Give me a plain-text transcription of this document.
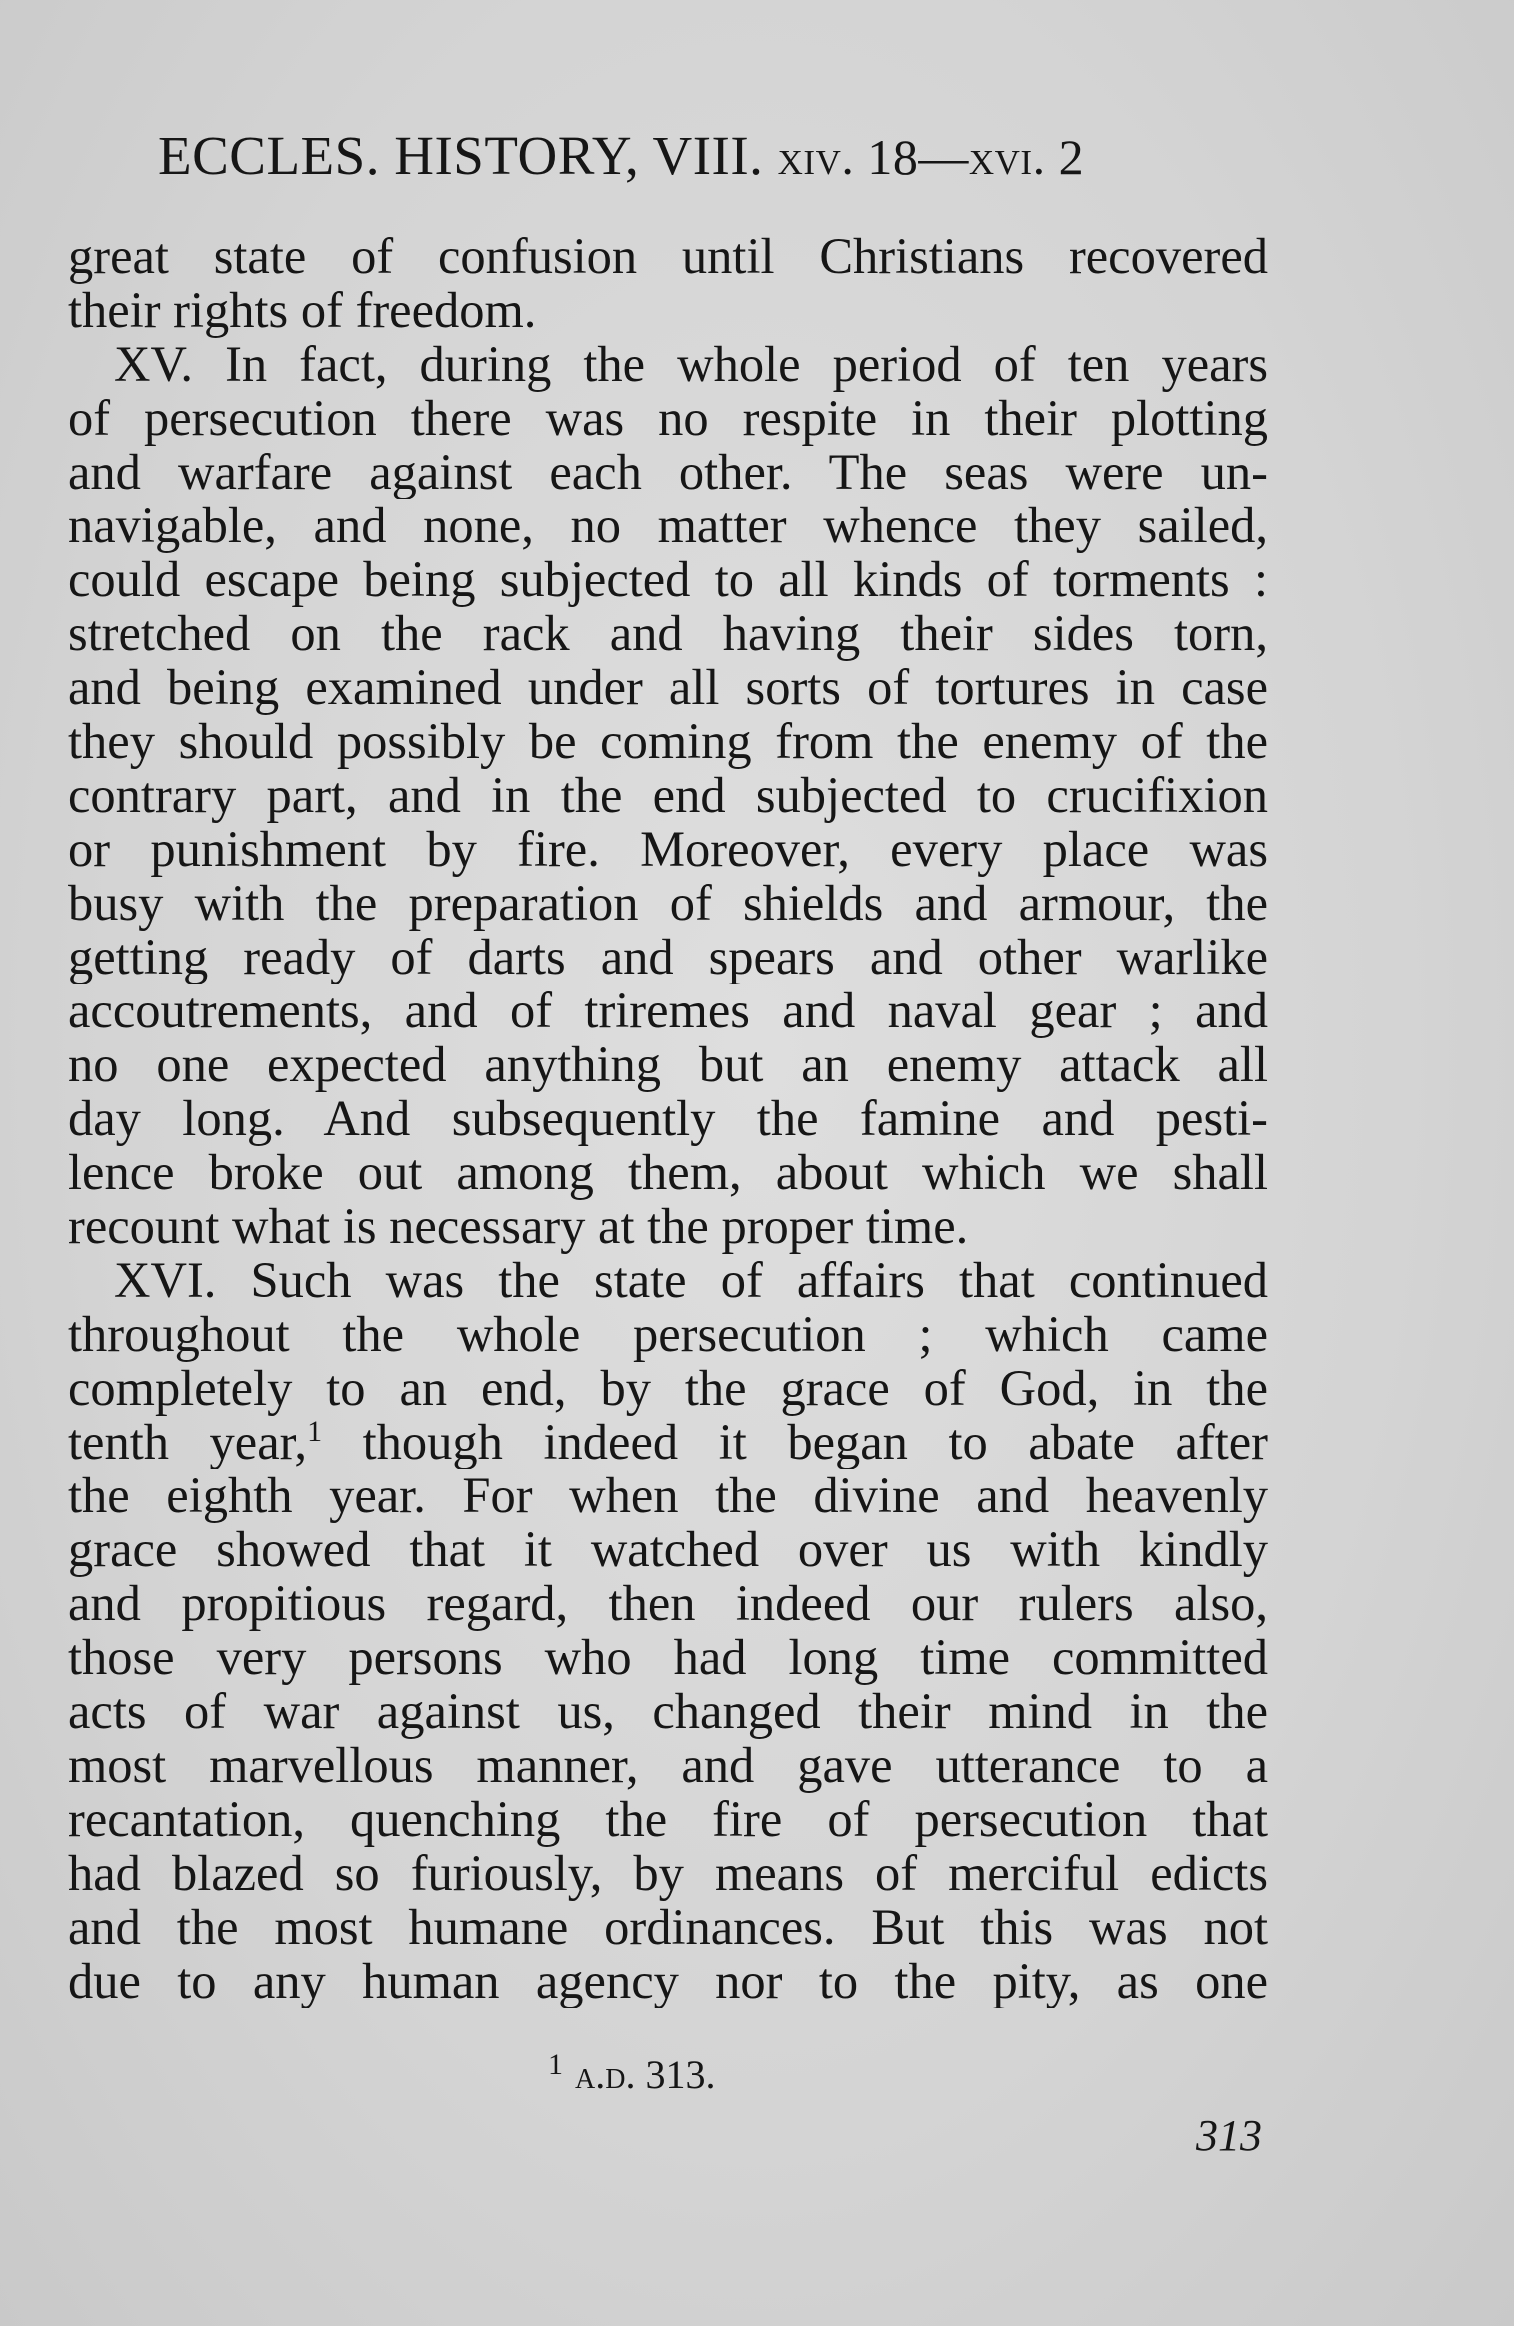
ECCLES. HISTORY, VIII. xiv. 18—xvi. 2
great state of confusion until Christians recovered
their rights of freedom.
XV. In fact, during the whole period of ten years
of persecution there was no respite in their plotting
and warfare against each other. The seas were un-
navigable, and none, no matter whence they sailed,
could escape being subjected to all kinds of torments :
stretched on the rack and having their sides torn,
and being examined under all sorts of tortures in case
they should possibly be coming from the enemy of the
contrary part, and in the end subjected to crucifixion
or punishment by fire. Moreover, every place was
busy with the preparation of shields and armour, the
getting ready of darts and spears and other warlike
accoutrements, and of triremes and naval gear ; and
no one expected anything but an enemy attack all
day long. And subsequently the famine and pesti-
lence broke out among them, about which we shall
recount what is necessary at the proper time.
XVI. Such was the state of affairs that continued
throughout the whole persecution ; which came
completely to an end, by the grace of God, in the
tenth year,$^1$ though indeed it began to abate after
the eighth year. For when the divine and heavenly
grace showed that it watched over us with kindly
and propitious regard, then indeed our rulers also,
those very persons who had long time committed
acts of war against us, changed their mind in the
most marvellous manner, and gave utterance to a
recantation, quenching the fire of persecution that
had blazed so furiously, by means of merciful edicts
and the most humane ordinances. But this was not
due to any human agency nor to the pity, as one
$^1$ a.d. 313.
313
